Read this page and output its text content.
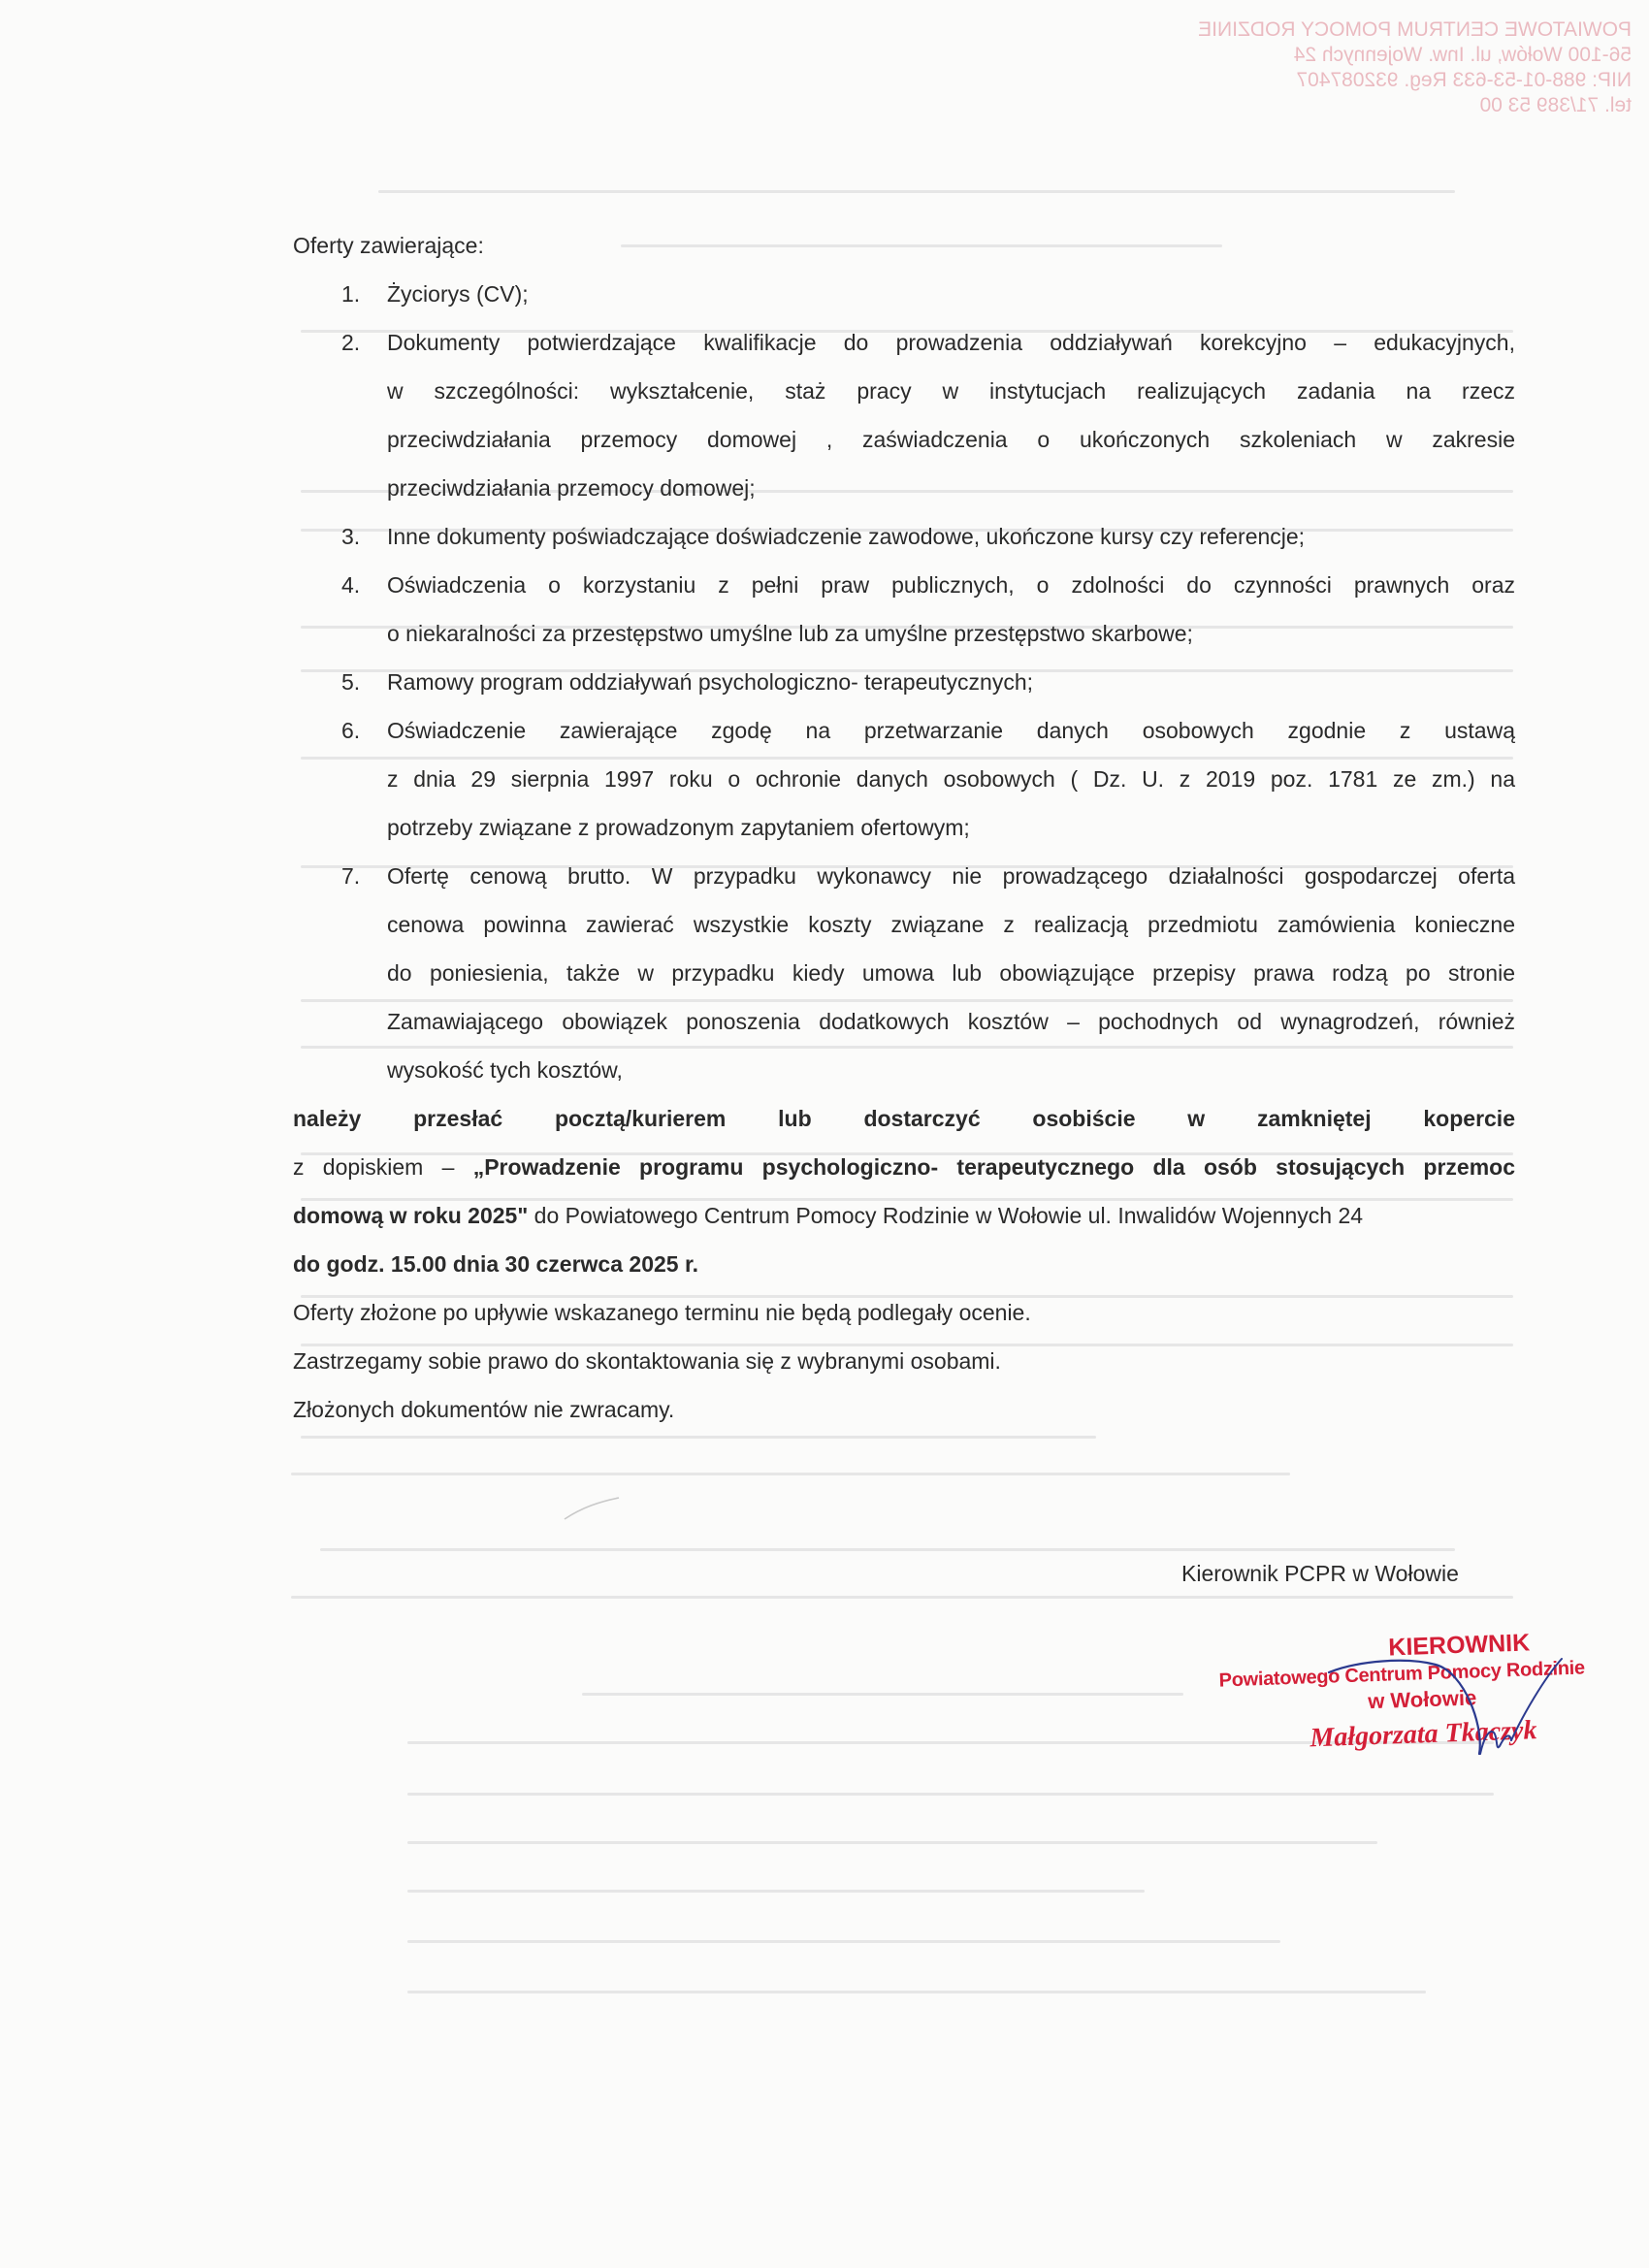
POWIATOWE CENTRUM POMOCY RODZINIE
56-100 Wołów, ul. Inw. Wojennych 24
NIP: 988-01-53-633 Reg. 932087407
tel. 71/389 53 00
Oferty zawierające:
1. Życiorys (CV);
2. Dokumenty potwierdzające kwalifikacje do prowadzenia oddziaływań korekcyjno – edukacyjnych,
w szczególności: wykształcenie, staż pracy w instytucjach realizujących zadania na rzecz
przeciwdziałania przemocy domowej , zaświadczenia o ukończonych szkoleniach w zakresie
przeciwdziałania przemocy domowej;
3. Inne dokumenty poświadczające doświadczenie zawodowe, ukończone kursy czy referencje;
4. Oświadczenia o korzystaniu z pełni praw publicznych, o zdolności do czynności prawnych oraz
o niekaralności za przestępstwo umyślne lub za umyślne przestępstwo skarbowe;
5. Ramowy program oddziaływań psychologiczno- terapeutycznych;
6. Oświadczenie zawierające zgodę na przetwarzanie danych osobowych zgodnie z ustawą
z dnia 29 sierpnia 1997 roku o ochronie danych osobowych ( Dz. U. z 2019 poz. 1781 ze zm.) na
potrzeby związane z prowadzonym zapytaniem ofertowym;
7. Ofertę cenową brutto. W przypadku wykonawcy nie prowadzącego działalności gospodarczej oferta
cenowa powinna zawierać wszystkie koszty związane z realizacją przedmiotu zamówienia konieczne
do poniesienia, także w przypadku kiedy umowa lub obowiązujące przepisy prawa rodzą po stronie
Zamawiającego obowiązek ponoszenia dodatkowych kosztów – pochodnych od wynagrodzeń, również
wysokość tych kosztów,
należy przesłać pocztą/kurierem lub dostarczyć osobiście w zamkniętej kopercie
z dopiskiem – „Prowadzenie programu psychologiczno- terapeutycznego dla osób stosujących przemoc
domową w roku 2025" do Powiatowego Centrum Pomocy Rodzinie w Wołowie ul. Inwalidów Wojennych 24
do godz. 15.00 dnia 30 czerwca 2025 r.
Oferty złożone po upływie wskazanego terminu nie będą podlegały ocenie.
Zastrzegamy sobie prawo do skontaktowania się z wybranymi osobami.
Złożonych dokumentów nie zwracamy.
Kierownik PCPR w Wołowie
KIEROWNIK
Powiatowego Centrum Pomocy Rodzinie
w Wołowie
Małgorzata Tkaczyk
